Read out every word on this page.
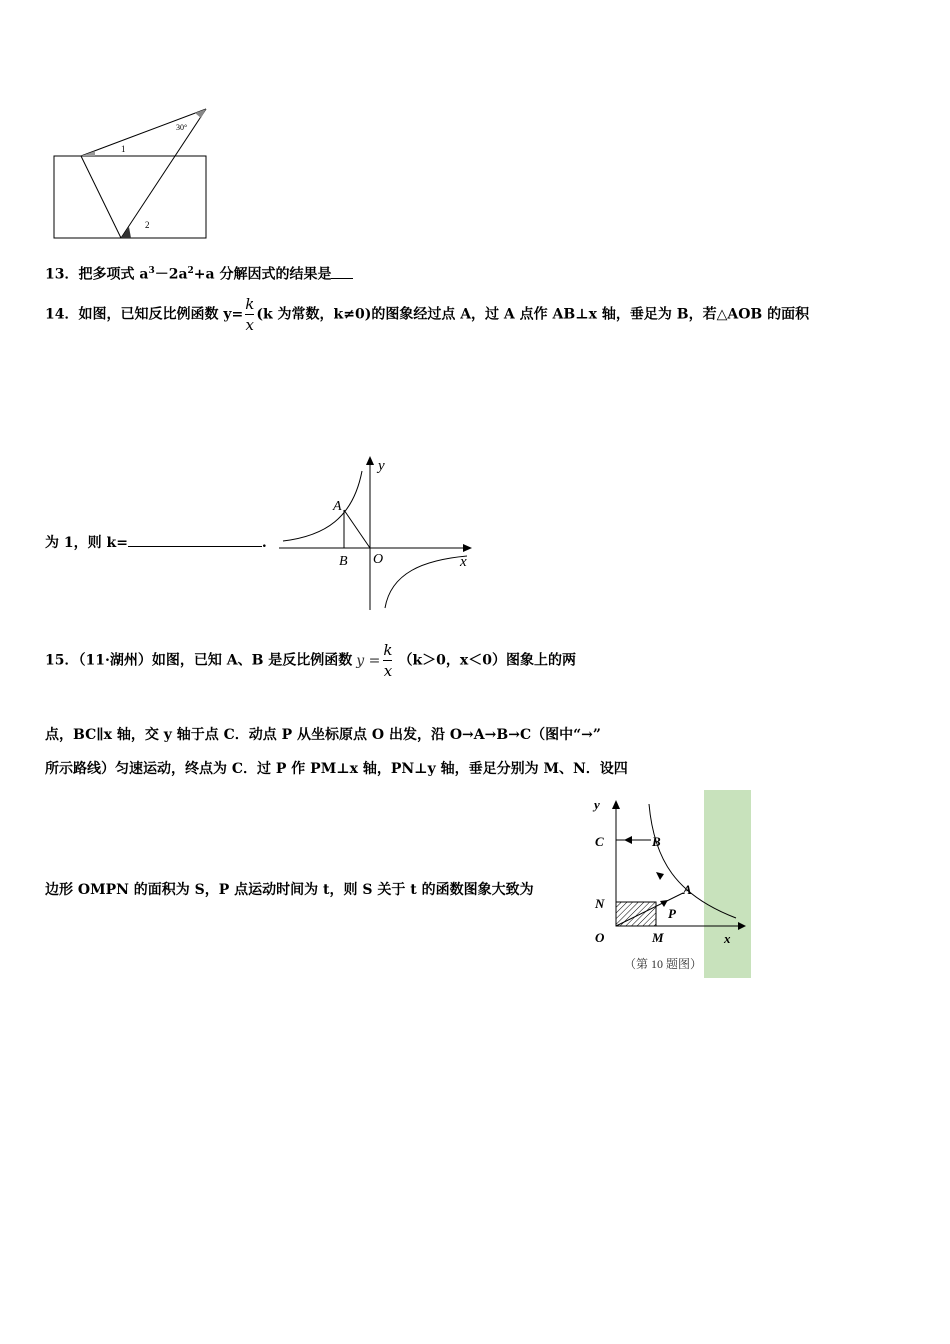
30°
1
2
13．把多项式 $a^3-2a^2+a$ 分解因式的结果是
14．如图，已知反比例函数 $y= \frac{k}{x} (k$ 为常数，k≠0)的图象经过点 A，过 A 点作 AB⊥x 轴，垂足为 B，若△AOB 的面积
为 1，则 k=	.
y
x
A
B O
15．（11·湖州）如图，已知 A、B 是反比例函数 $y = \frac{k}{x} (k>0$，x＜0）图象上的两
点，BC∥x 轴，交 y 轴于点 C．动点 P 从坐标原点 O 出发，沿 O→A→B→C（图中“→”
所示路线）匀速运动，终点为 C．过 P 作 PM⊥x 轴，PN⊥y 轴，垂足分别为 M、N．设四
边形 OMPN 的面积为 S，P 点运动时间为 t，则 S 关于 t 的函数图象大致为
y
C	B
A
N
P
O	M	x
（第 10 题图）
